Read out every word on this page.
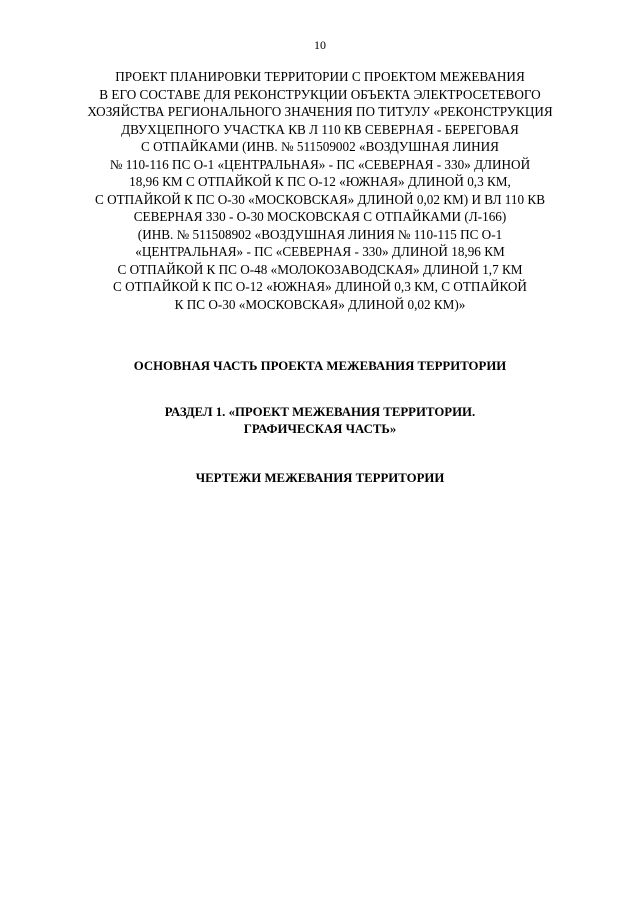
10
ПРОЕКТ ПЛАНИРОВКИ ТЕРРИТОРИИ С ПРОЕКТОМ МЕЖЕВАНИЯ
В ЕГО СОСТАВЕ ДЛЯ РЕКОНСТРУКЦИИ ОБЪЕКТА ЭЛЕКТРОСЕТЕВОГО
ХОЗЯЙСТВА РЕГИОНАЛЬНОГО ЗНАЧЕНИЯ ПО ТИТУЛУ «РЕКОНСТРУКЦИЯ
ДВУХЦЕПНОГО УЧАСТКА КВ Л 110 КВ СЕВЕРНАЯ - БЕРЕГОВАЯ
С ОТПАЙКАМИ (ИНВ. № 511509002 «ВОЗДУШНАЯ ЛИНИЯ
№ 110-116 ПС О-1 «ЦЕНТРАЛЬНАЯ» - ПС «СЕВЕРНАЯ - 330» ДЛИНОЙ
18,96 КМ С ОТПАЙКОЙ К ПС О-12 «ЮЖНАЯ» ДЛИНОЙ 0,3 КМ,
С ОТПАЙКОЙ К ПС О-30 «МОСКОВСКАЯ» ДЛИНОЙ 0,02 КМ) И ВЛ 110 КВ
СЕВЕРНАЯ 330 - О-30 МОСКОВСКАЯ С ОТПАЙКАМИ (Л-166)
(ИНВ. № 511508902 «ВОЗДУШНАЯ ЛИНИЯ № 110-115 ПС О-1
«ЦЕНТРАЛЬНАЯ» - ПС «СЕВЕРНАЯ - 330» ДЛИНОЙ 18,96 КМ
С ОТПАЙКОЙ К ПС О-48 «МОЛОКОЗАВОДСКАЯ» ДЛИНОЙ 1,7 КМ
С ОТПАЙКОЙ К ПС О-12 «ЮЖНАЯ» ДЛИНОЙ 0,3 КМ, С ОТПАЙКОЙ
К ПС О-30 «МОСКОВСКАЯ» ДЛИНОЙ 0,02 КМ)»
ОСНОВНАЯ ЧАСТЬ ПРОЕКТА МЕЖЕВАНИЯ ТЕРРИТОРИИ
РАЗДЕЛ 1. «ПРОЕКТ МЕЖЕВАНИЯ ТЕРРИТОРИИ.
ГРАФИЧЕСКАЯ ЧАСТЬ»
ЧЕРТЕЖИ МЕЖЕВАНИЯ ТЕРРИТОРИИ
